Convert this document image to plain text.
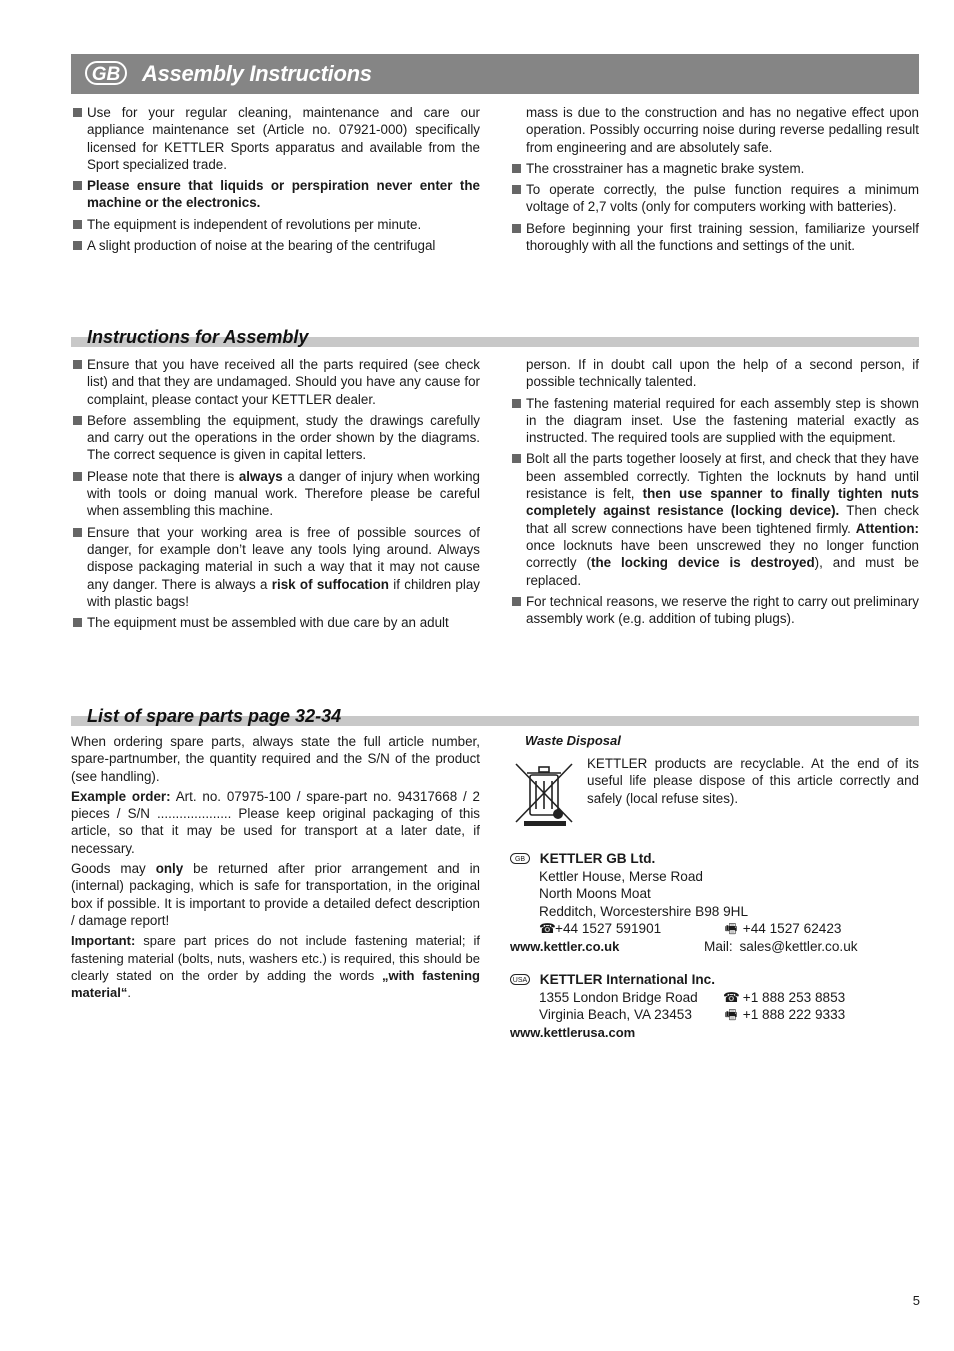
GB Assembly Instructions
Use for your regular cleaning, maintenance and care our appliance maintenance set (Article no. 07921-000) specifically licensed for KETTLER Sports apparatus and available from the Sport specialized trade.
Please ensure that liquids or perspiration never enter the machine or the electronics.
The equipment is independent of revolutions per minute.
A slight production of noise at the bearing of the centrifugal
mass is due to the construction and has no negative effect upon operation. Possibly occurring noise during reverse pedalling result from engineering and are absolutely safe.
The crosstrainer has a magnetic brake system.
To operate correctly, the pulse function requires a minimum voltage of 2,7 volts (only for computers working with batteries).
Before beginning your first training session, familiarize yourself thoroughly with all the functions and settings of the unit.
Instructions for Assembly
Ensure that you have received all the parts required (see check list) and that they are undamaged. Should you have any cause for complaint, please contact your KETTLER dealer.
Before assembling the equipment, study the drawings carefully and carry out the operations in the order shown by the diagrams. The correct sequence is given in capital letters.
Please note that there is always a danger of injury when working with tools or doing manual work. Therefore please be careful when assembling this machine.
Ensure that your working area is free of possible sources of danger, for example don’t leave any tools lying around. Always dispose packaging material in such a way that it may not cause any danger. There is always a risk of suffocation if children play with plastic bags!
The equipment must be assembled with due care by an adult
person. If in doubt call upon the help of a second person, if possible technically talented.
The fastening material required for each assembly step is shown in the diagram inset. Use the fastening material exactly as instructed. The required tools are supplied with the equipment.
Bolt all the parts together loosely at first, and check that they have been assembled correctly. Tighten the locknuts by hand until resistance is felt, then use spanner to finally tighten nuts completely against resistance (locking device). Then check that all screw connections have been tightened firmly. Attention: once locknuts have been unscrewed they no longer function correctly (the locking device is destroyed), and must be replaced.
For technical reasons, we reserve the right to carry out preliminary assembly work (e.g. addition of tubing plugs).
List of spare parts page 32-34

When ordering spare parts, always state the full article number, spare-partnumber, the quantity required and the S/N of the product (see handling).

Example order: Art. no. 07975-100 / spare-part no. 94317668 / 2 pieces / S/N .................... Please keep original packaging of this article, so that it may be used for transport at a later date, if necessary.

Goods may only be returned after prior arrangement and in (internal) packaging, which is safe for transportation, in the original box if possible. It is important to provide a detailed defect description / damage report!

Important: spare part prices do not include fastening material; if fastening material (bolts, nuts, washers etc.) is required, this should be clearly stated on the order by adding the words „with fastening material“.

Waste Disposal
KETTLER products are recyclable. At the end of its useful life please dispose of this article correctly and safely (local refuse sites).
GB KETTLER GB Ltd.
Kettler House, Merse Road
North Moons Moat
Redditch, Worcestershire B98 9HL
☎+44 1527 591901	🖷 +44 1527 62423
www.kettler.co.uk	Mail: sales@kettler.co.uk
USA KETTLER International Inc.
1355 London Bridge Road ☎ +1 888 253 8853
Virginia Beach, VA 23453 🖷 +1 888 222 9333
www.kettlerusa.com
5
